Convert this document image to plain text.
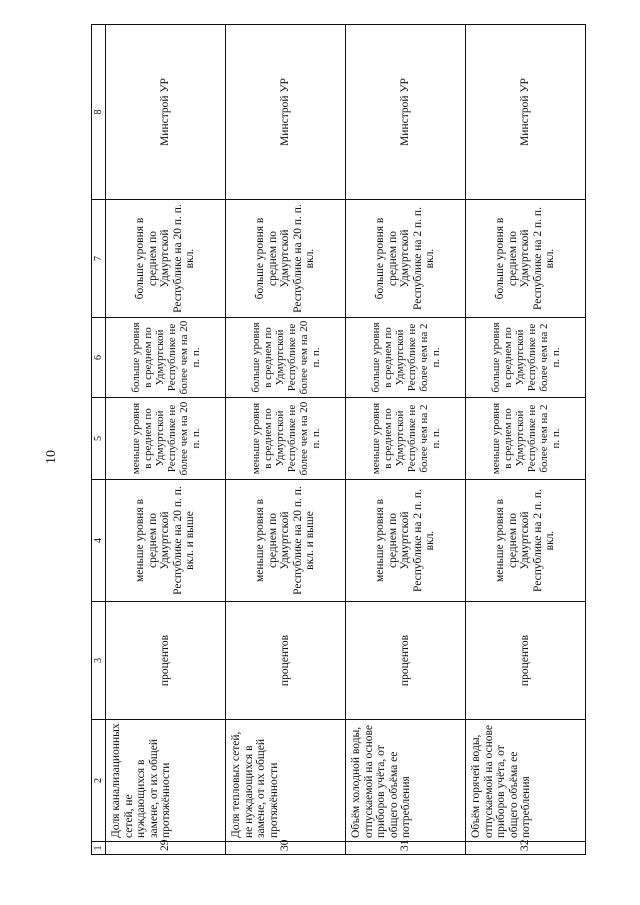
10
1	2	3	4	5	6	7	8
29	Доля канализационных сетей, не нуждающихся в замене, от их общей протяжённости	процентов	меньше уровня в среднем по Удмуртской Республике на 20 п. п. вкл. и выше	меньше уровня в среднем по Удмуртской Республике не более чем на 20 п. п.	больше уровня в среднем по Удмуртской Республике не более чем на 20 п. п.	больше уровня в среднем по Удмуртской Республике на 20 п. п. вкл.	Минстрой УР
30	Доля тепловых сетей, не нуждающихся в замене, от их общей протяжённости	процентов	меньше уровня в среднем по Удмуртской Республике на 20 п. п. вкл. и выше	меньше уровня в среднем по Удмуртской Республике не более чем на 20 п. п.	больше уровня в среднем по Удмуртской Республике не более чем на 20 п. п.	больше уровня в среднем по Удмуртской Республике на 20 п. п. вкл.	Минстрой УР
31	Объём холодной воды, отпускаемой на основе приборов учёта, от общего объёма ее потребления	процентов	меньше уровня в среднем по Удмуртской Республике на 2 п. п. вкл.	меньше уровня в среднем по Удмуртской Республике не более чем на 2 п. п.	больше уровня в среднем по Удмуртской Республике не более чем на 2 п. п.	больше уровня в среднем по Удмуртской Республике на 2 п. п. вкл.	Минстрой УР
32	Объём горячей воды, отпускаемой на основе приборов учёта, от общего объёма ее потребления	процентов	меньше уровня в среднем по Удмуртской Республике на 2 п. п. вкл.	меньше уровня в среднем по Удмуртской Республике не более чем на 2 п. п.	больше уровня в среднем по Удмуртской Республике не более чем на 2 п. п.	больше уровня в среднем по Удмуртской Республике на 2 п. п. вкл.	Минстрой УР
